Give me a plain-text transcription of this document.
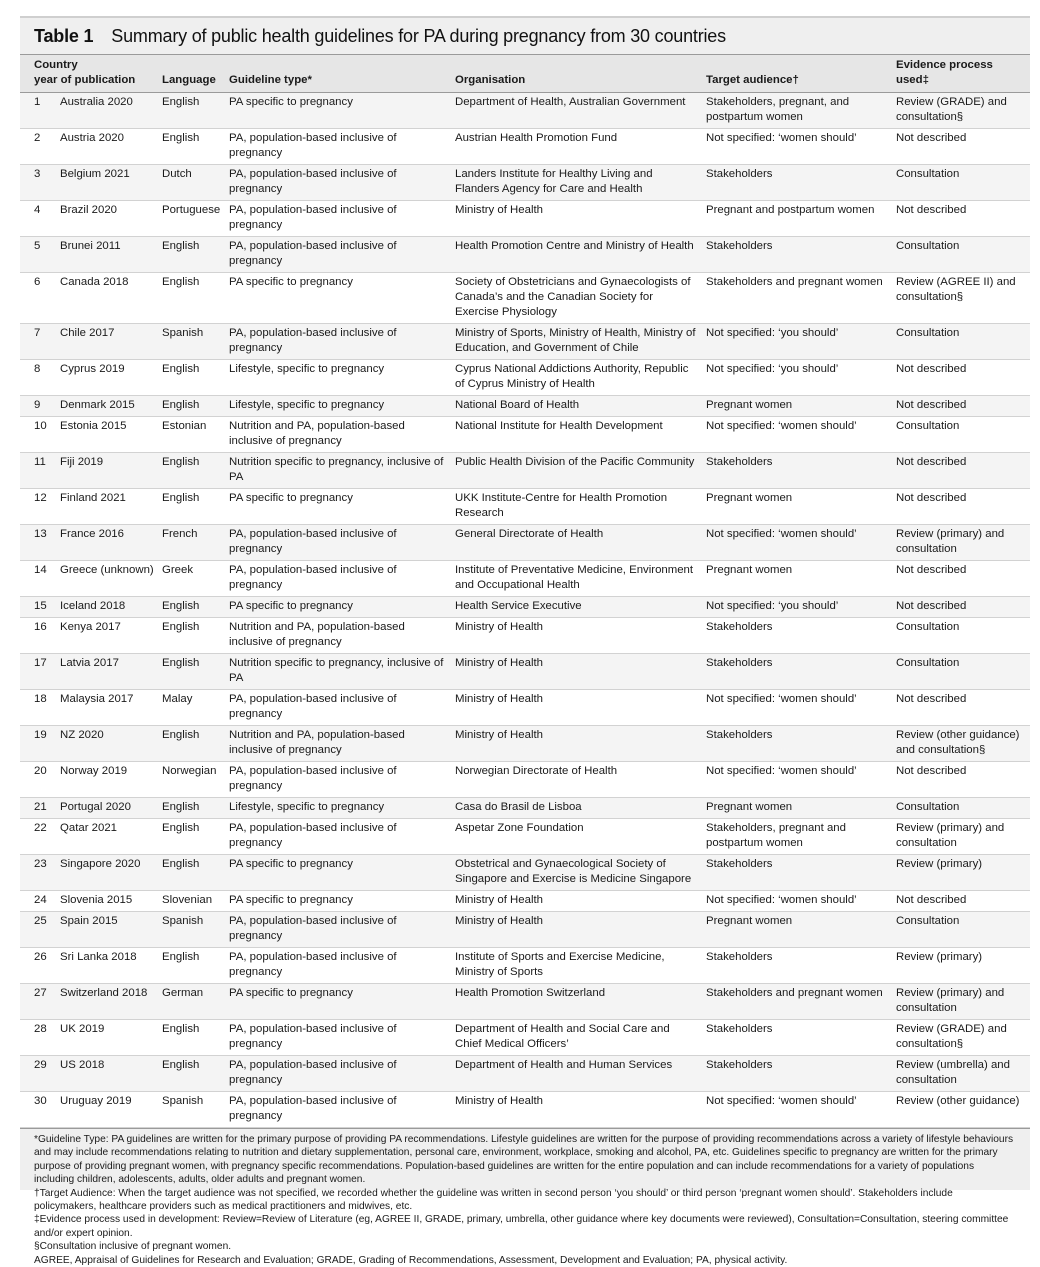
Table 1 Summary of public health guidelines for PA during pregnancy from 30 countries
Country
year of publication	Language	Guideline type*	Organisation	Target audience†	Evidence process used‡

1 Australia 2020	English	PA specific to pregnancy	Department of Health, Australian Government	Stakeholders, pregnant, and postpartum women	Review (GRADE) and consultation§

2 Austria 2020	English	PA, population-based inclusive of pregnancy	Austrian Health Promotion Fund	Not specified: ‘women should’	Not described

3 Belgium 2021	Dutch	PA, population-based inclusive of pregnancy	Landers Institute for Healthy Living and Flanders Agency for Care and Health	Stakeholders	Consultation

4 Brazil 2020	Portuguese	PA, population-based inclusive of pregnancy	Ministry of Health	Pregnant and postpartum women	Not described

5 Brunei 2011	English	PA, population-based inclusive of pregnancy	Health Promotion Centre and Ministry of Health	Stakeholders	Consultation

6 Canada 2018	English	PA specific to pregnancy	Society of Obstetricians and Gynaecologists of Canada’s and the Canadian Society for Exercise Physiology	Stakeholders and pregnant women	Review (AGREE II) and consultation§

7 Chile 2017	Spanish	PA, population-based inclusive of pregnancy	Ministry of Sports, Ministry of Health, Ministry of Education, and Government of Chile	Not specified: ‘you should’	Consultation

8 Cyprus 2019	English	Lifestyle, specific to pregnancy	Cyprus National Addictions Authority, Republic of Cyprus Ministry of Health	Not specified: ‘you should’	Not described

9 Denmark 2015	English	Lifestyle, specific to pregnancy	National Board of Health	Pregnant women	Not described

10 Estonia 2015	Estonian	Nutrition and PA, population-based inclusive of pregnancy	National Institute for Health Development	Not specified: ‘women should’	Consultation

11 Fiji 2019	English	Nutrition specific to pregnancy, inclusive of PA	Public Health Division of the Pacific Community	Stakeholders	Not described

12 Finland 2021	English	PA specific to pregnancy	UKK Institute-Centre for Health Promotion Research	Pregnant women	Not described

13 France 2016	French	PA, population-based inclusive of pregnancy	General Directorate of Health	Not specified: ‘women should’	Review (primary) and consultation

14 Greece (unknown)	Greek	PA, population-based inclusive of pregnancy	Institute of Preventative Medicine, Environment and Occupational Health	Pregnant women	Not described

15 Iceland 2018	English	PA specific to pregnancy	Health Service Executive	Not specified: ‘you should’	Not described

16 Kenya 2017	English	Nutrition and PA, population-based inclusive of pregnancy	Ministry of Health	Stakeholders	Consultation

17 Latvia 2017	English	Nutrition specific to pregnancy, inclusive of PA	Ministry of Health	Stakeholders	Consultation

18 Malaysia 2017	Malay	PA, population-based inclusive of pregnancy	Ministry of Health	Not specified: ‘women should’	Not described

19 NZ 2020	English	Nutrition and PA, population-based inclusive of pregnancy	Ministry of Health	Stakeholders	Review (other guidance) and consultation§

20 Norway 2019	Norwegian	PA, population-based inclusive of pregnancy	Norwegian Directorate of Health	Not specified: ‘women should’	Not described

21 Portugal 2020	English	Lifestyle, specific to pregnancy	Casa do Brasil de Lisboa	Pregnant women	Consultation

22 Qatar 2021	English	PA, population-based inclusive of pregnancy	Aspetar Zone Foundation	Stakeholders, pregnant and postpartum women	Review (primary) and consultation

23 Singapore 2020	English	PA specific to pregnancy	Obstetrical and Gynaecological Society of Singapore and Exercise is Medicine Singapore	Stakeholders	Review (primary)

24 Slovenia 2015	Slovenian	PA specific to pregnancy	Ministry of Health	Not specified: ‘women should’	Not described

25 Spain 2015	Spanish	PA, population-based inclusive of pregnancy	Ministry of Health	Pregnant women	Consultation

26 Sri Lanka 2018	English	PA, population-based inclusive of pregnancy	Institute of Sports and Exercise Medicine, Ministry of Sports	Stakeholders	Review (primary)

27 Switzerland 2018	German	PA specific to pregnancy	Health Promotion Switzerland	Stakeholders and pregnant women	Review (primary) and consultation

28 UK 2019	English	PA, population-based inclusive of pregnancy	Department of Health and Social Care and Chief Medical Officers’	Stakeholders	Review (GRADE) and consultation§

29 US 2018	English	PA, population-based inclusive of pregnancy	Department of Health and Human Services	Stakeholders	Review (umbrella) and consultation

30 Uruguay 2019	Spanish	PA, population-based inclusive of pregnancy	Ministry of Health	Not specified: ‘women should’	Review (other guidance)

*Guideline Type: PA guidelines are written for the primary purpose of providing PA recommendations. Lifestyle guidelines are written for the purpose of providing recommendations across a variety of lifestyle behaviours and may include recommendations relating to nutrition and dietary supplementation, personal care, environment, workplace, smoking and alcohol, PA, etc. Guidelines specific to pregnancy are written for the primary purpose of providing pregnant women, with pregnancy specific recommendations. Population-based guidelines are written for the entire population and can include recommendations for a variety of populations including children, adolescents, adults, older adults and pregnant women.

†Target Audience: When the target audience was not specified, we recorded whether the guideline was written in second person ‘you should’ or third person ‘pregnant women should’. Stakeholders include policymakers, healthcare providers such as medical practitioners and midwives, etc.

‡Evidence process used in development: Review=Review of Literature (eg, AGREE II, GRADE, primary, umbrella, other guidance where key documents were reviewed), Consultation=Consultation, steering committee and/or expert opinion.

§Consultation inclusive of pregnant women.

AGREE, Appraisal of Guidelines for Research and Evaluation; GRADE, Grading of Recommendations, Assessment, Development and Evaluation; PA, physical activity.
